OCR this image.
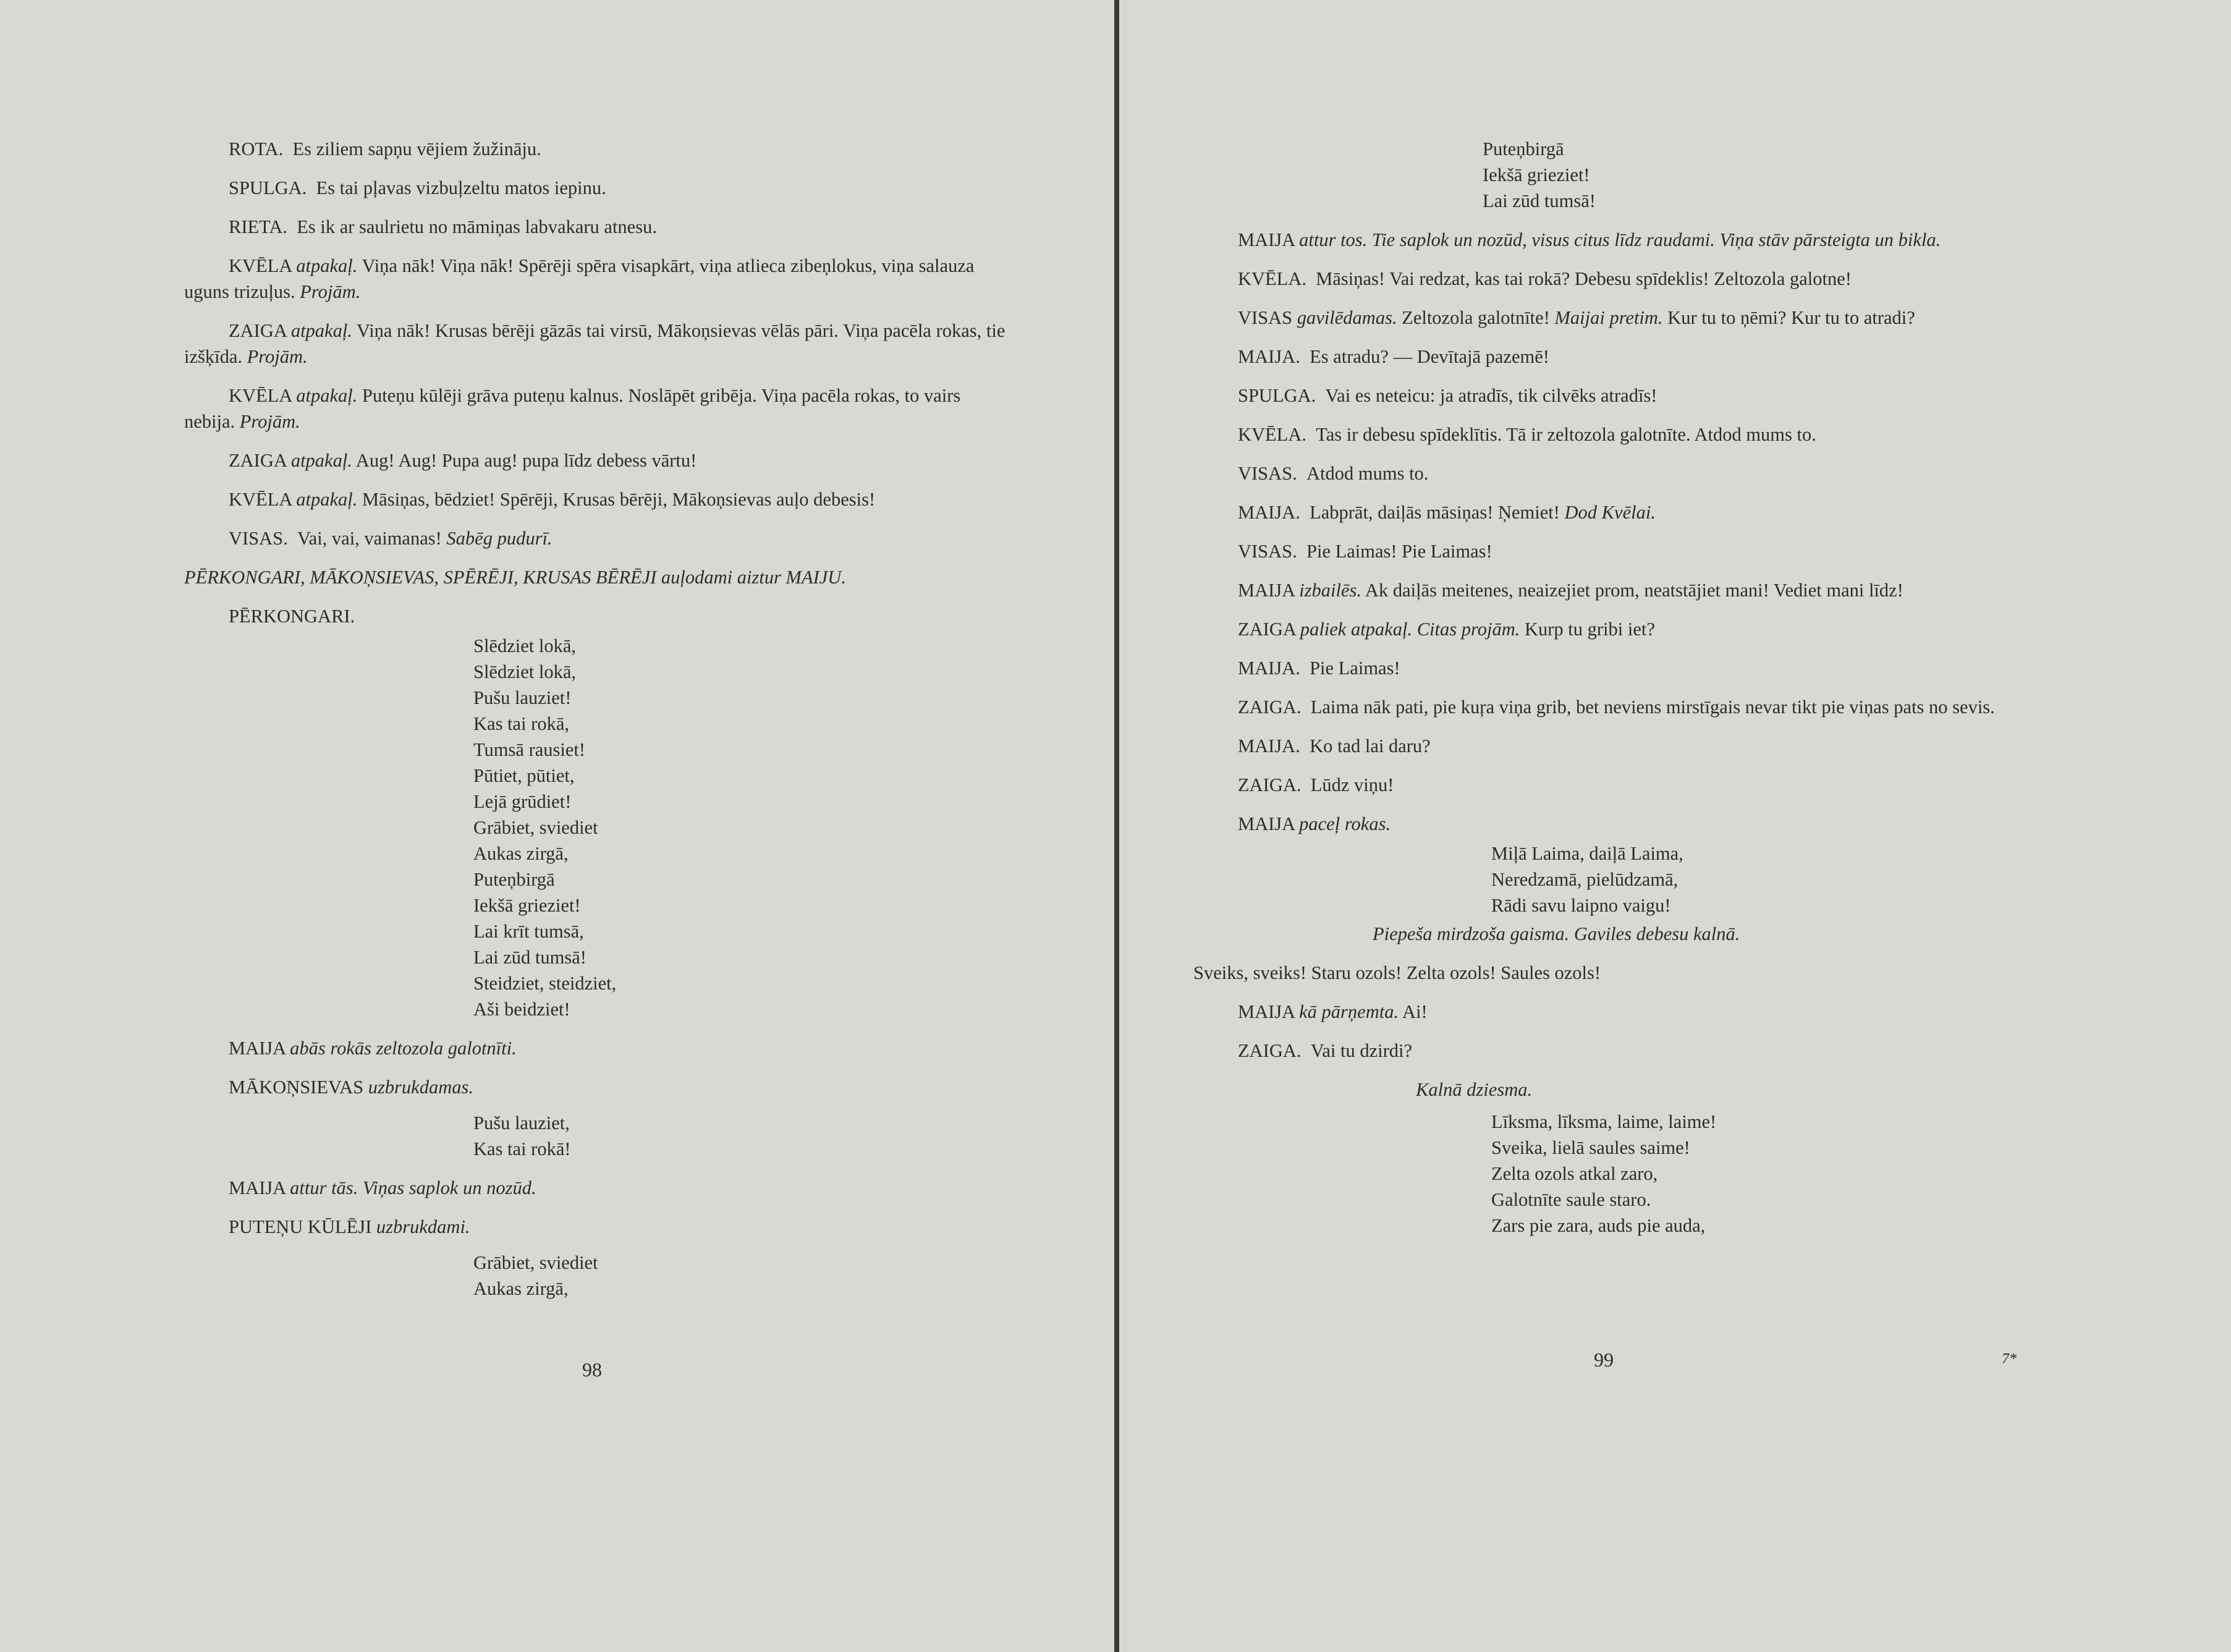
ROTA. Es ziliem sapņu vējiem žužināju.

SPULGA. Es tai pļavas vizbuļzeltu matos iepinu.

RIETA. Es ik ar saulrietu no māmiņas labvakaru atnesu.

KVĒLA atpakaļ. Viņa nāk! Viņa nāk! Spērēji spēra visapkārt, viņa atlieca zibeņlokus, viņa salauza uguns trizuļus. Projām.

ZAIGA atpakaļ. Viņa nāk! Krusas bērēji gāzās tai virsū, Mākoņsievas vēlās pāri. Viņa pacēla rokas, tie izšķīda. Projām.

KVĒLA atpakaļ. Puteņu kūlēji grāva puteņu kalnus. Noslāpēt gribēja. Viņa pacēla rokas, to vairs nebija. Projām.

ZAIGA atpakaļ. Aug! Aug! Pupa aug! pupa līdz debess vārtu!

KVĒLA atpakaļ. Māsiņas, bēdziet! Spērēji, Krusas bērēji, Mākoņsievas auļo debesis!

VISAS. Vai, vai, vaimanas! Sabēg pudurī.

PĒRKONGARI, MĀKOŅSIEVAS, SPĒRĒJI, KRUSAS BĒRĒJI auļodami aiztur MAIJU.

PĒRKONGARI.

Slēdziet lokā,
Slēdziet lokā,
Pušu lauziet!
Kas tai rokā,
Tumsā rausiet!
Pūtiet, pūtiet,
Lejā grūdiet!
Grābiet, sviediet
Aukas zirgā,
Puteņbirgā
Iekšā grieziet!
Lai krīt tumsā,
Lai zūd tumsā!
Steidziet, steidziet,
Aši beidziet!

MAIJA abās rokās zeltozola galotnīti.

MĀKOŅSIEVAS uzbrukdamas.

Pušu lauziet,
Kas tai rokā!

MAIJA attur tās. Viņas saplok un nozūd.

PUTEŅU KŪLĒJI uzbrukdami.

Grābiet, sviediet
Aukas zirgā,
98
Puteņbirgā
Iekšā grieziet!
Lai zūd tumsā!

MAIJA attur tos. Tie saplok un nozūd, visus citus līdz raudami. Viņa stāv pārsteigta un bikla.

KVĒLA. Māsiņas! Vai redzat, kas tai rokā? Debesu spīdeklis! Zeltozola galotne!

VISAS gavilēdamas. Zeltozola galotnīte! Maijai pretim. Kur tu to ņēmi? Kur tu to atradi?

MAIJA. Es atradu? — Devītajā pazemē!

SPULGA. Vai es neteicu: ja atradīs, tik cilvēks atradīs!

KVĒLA. Tas ir debesu spīdeklītis. Tā ir zeltozola galotnīte. Atdod mums to.

VISAS. Atdod mums to.

MAIJA. Labprāt, daiļās māsiņas! Ņemiet! Dod Kvēlai.

VISAS. Pie Laimas! Pie Laimas!

MAIJA izbailēs. Ak daiļās meitenes, neaizejiet prom, neatstājiet mani! Vediet mani līdz!

ZAIGA paliek atpakaļ. Citas projām. Kurp tu gribi iet?

MAIJA. Pie Laimas!

ZAIGA. Laima nāk pati, pie kuŗa viņa grib, bet neviens mirstīgais nevar tikt pie viņas pats no sevis.

MAIJA. Ko tad lai daru?

ZAIGA. Lūdz viņu!

MAIJA paceļ rokas.

Miļā Laima, daiļā Laima,
Neredzamā, pielūdzamā,
Rādi savu laipno vaigu!

Piepešа mirdzoša gaisma. Gaviles debesu kalnā.

Sveiks, sveiks! Staru ozols! Zelta ozols! Saules ozols!

MAIJA kā pārņemta. Ai!

ZAIGA. Vai tu dzirdi?

Kalnā dziesma.

Līksma, līksma, laime, laime!
Sveika, lielā saules saime!
Zelta ozols atkal zaro,
Galotnīte saule staro.
Zars pie zara, auds pie auda,
99	7*
